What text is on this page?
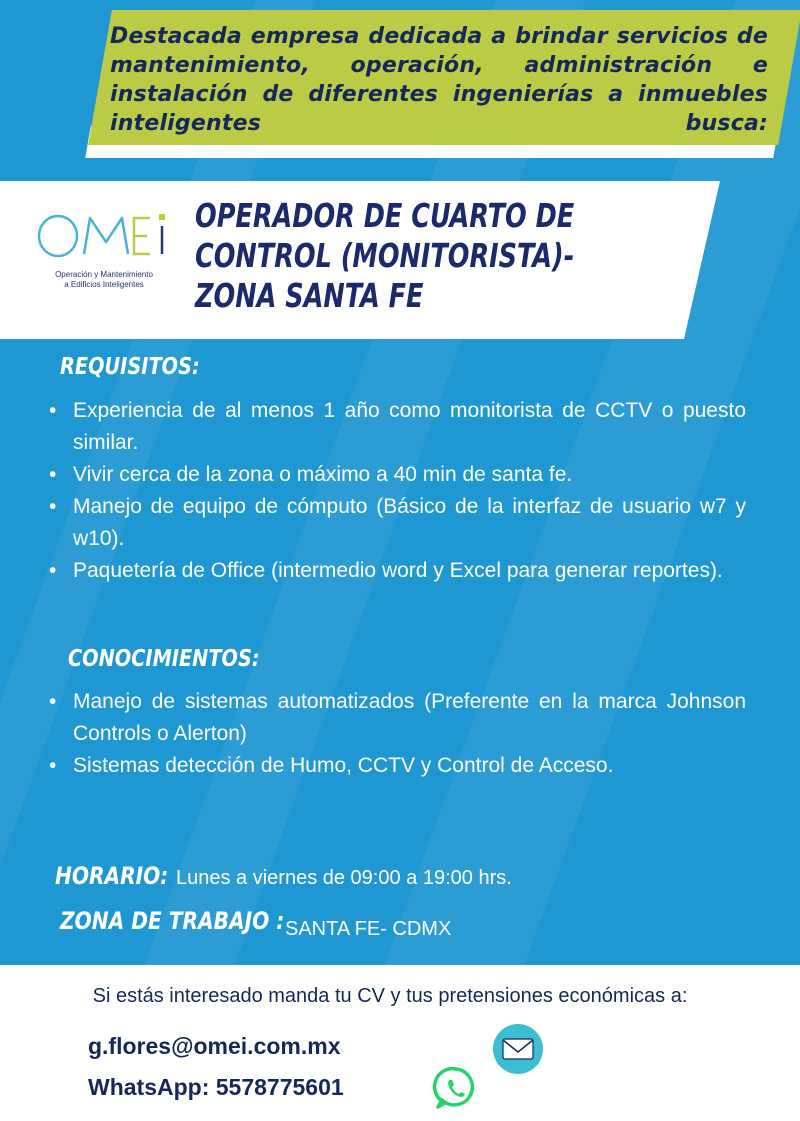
Destacada empresa dedicada a brindar servicios de mantenimiento, operación, administración e instalación de diferentes ingenierías a inmuebles inteligentes busca:

Operación y Mantenimiento
a Edificios Inteligentes
OPERADOR DE CUARTO DE
CONTROL (MONITORISTA)-
ZONA SANTA FE
REQUISITOS:
• Experiencia de al menos 1 año como monitorista de CCTV o puesto similar.
• Vivir cerca de la zona o máximo a 40 min de santa fe.
• Manejo de equipo de cómputo (Básico de la interfaz de usuario w7 y w10).
• Paquetería de Office (intermedio word y Excel para generar reportes).
CONOCIMIENTOS:
• Manejo de sistemas automatizados (Preferente en la marca Johnson Controls o Alerton)
• Sistemas detección de Humo, CCTV y Control de Acceso.
HORARIO: Lunes a viernes de 09:00 a 19:00 hrs.
ZONA DE TRABAJO : SANTA FE- CDMX

Si estás interesado manda tu CV y tus pretensiones económicas a:

g.flores@omei.com.mx

WhatsApp: 5578775601
